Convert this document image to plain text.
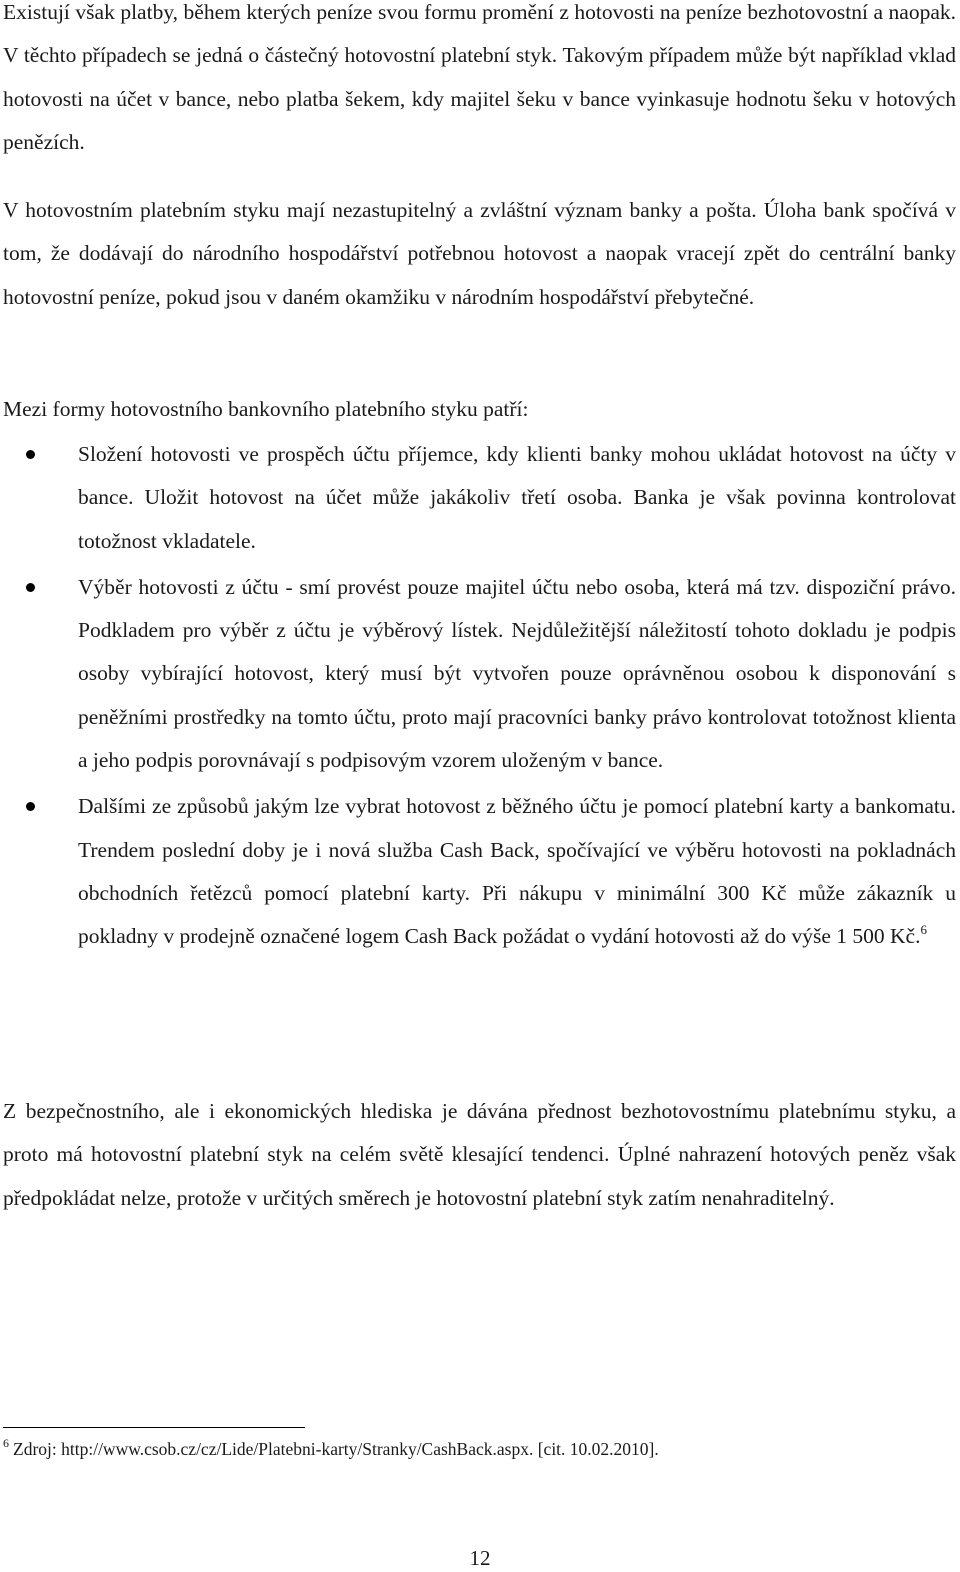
Existují však platby, během kterých peníze svou formu promění z hotovosti na peníze bezhotovostní a naopak. V těchto případech se jedná o částečný hotovostní platební styk. Takovým případem může být například vklad hotovosti na účet v bance, nebo platba šekem, kdy majitel šeku v bance vyinkasuje hodnotu šeku v hotových penězích.

V hotovostním platebním styku mají nezastupitelný a zvláštní význam banky a pošta. Úloha bank spočívá v tom, že dodávají do národního hospodářství potřebnou hotovost a naopak vracejí zpět do centrální banky hotovostní peníze, pokud jsou v daném okamžiku v národním hospodářství přebytečné.

Mezi formy hotovostního bankovního platebního styku patří:

Složení hotovosti ve prospěch účtu příjemce, kdy klienti banky mohou ukládat hotovost na účty v bance. Uložit hotovost na účet může jakákoliv třetí osoba. Banka je však povinna kontrolovat totožnost vkladatele.
Výběr hotovosti z účtu - smí provést pouze majitel účtu nebo osoba, která má tzv. dispoziční právo. Podkladem pro výběr z účtu je výběrový lístek. Nejdůležitější náležitostí tohoto dokladu je podpis osoby vybírající hotovost, který musí být vytvořen pouze oprávněnou osobou k disponování s peněžními prostředky na tomto účtu, proto mají pracovníci banky právo kontrolovat totožnost klienta a jeho podpis porovnávají s podpisovým vzorem uloženým v bance.
Dalšími ze způsobů jakým lze vybrat hotovost z běžného účtu je pomocí platební karty a bankomatu. Trendem poslední doby je i nová služba Cash Back, spočívající ve výběru hotovosti na pokladnách obchodních řetězců pomocí platební karty. Při nákupu v minimální 300 Kč může zákazník u pokladny v prodejně označené logem Cash Back požádat o vydání hotovosti až do výše 1 500 Kč.$^6$

Z bezpečnostního, ale i ekonomických hlediska je dávána přednost bezhotovostnímu platebnímu styku, a proto má hotovostní platební styk na celém světě klesající tendenci. Úplné nahrazení hotových peněz však předpokládat nelze, protože v určitých směrech je hotovostní platební styk zatím nenahraditelný.

$^6$ Zdroj: http://www.csob.cz/cz/Lide/Platebni-karty/Stranky/CashBack.aspx. [cit. 10.02.2010].

12
